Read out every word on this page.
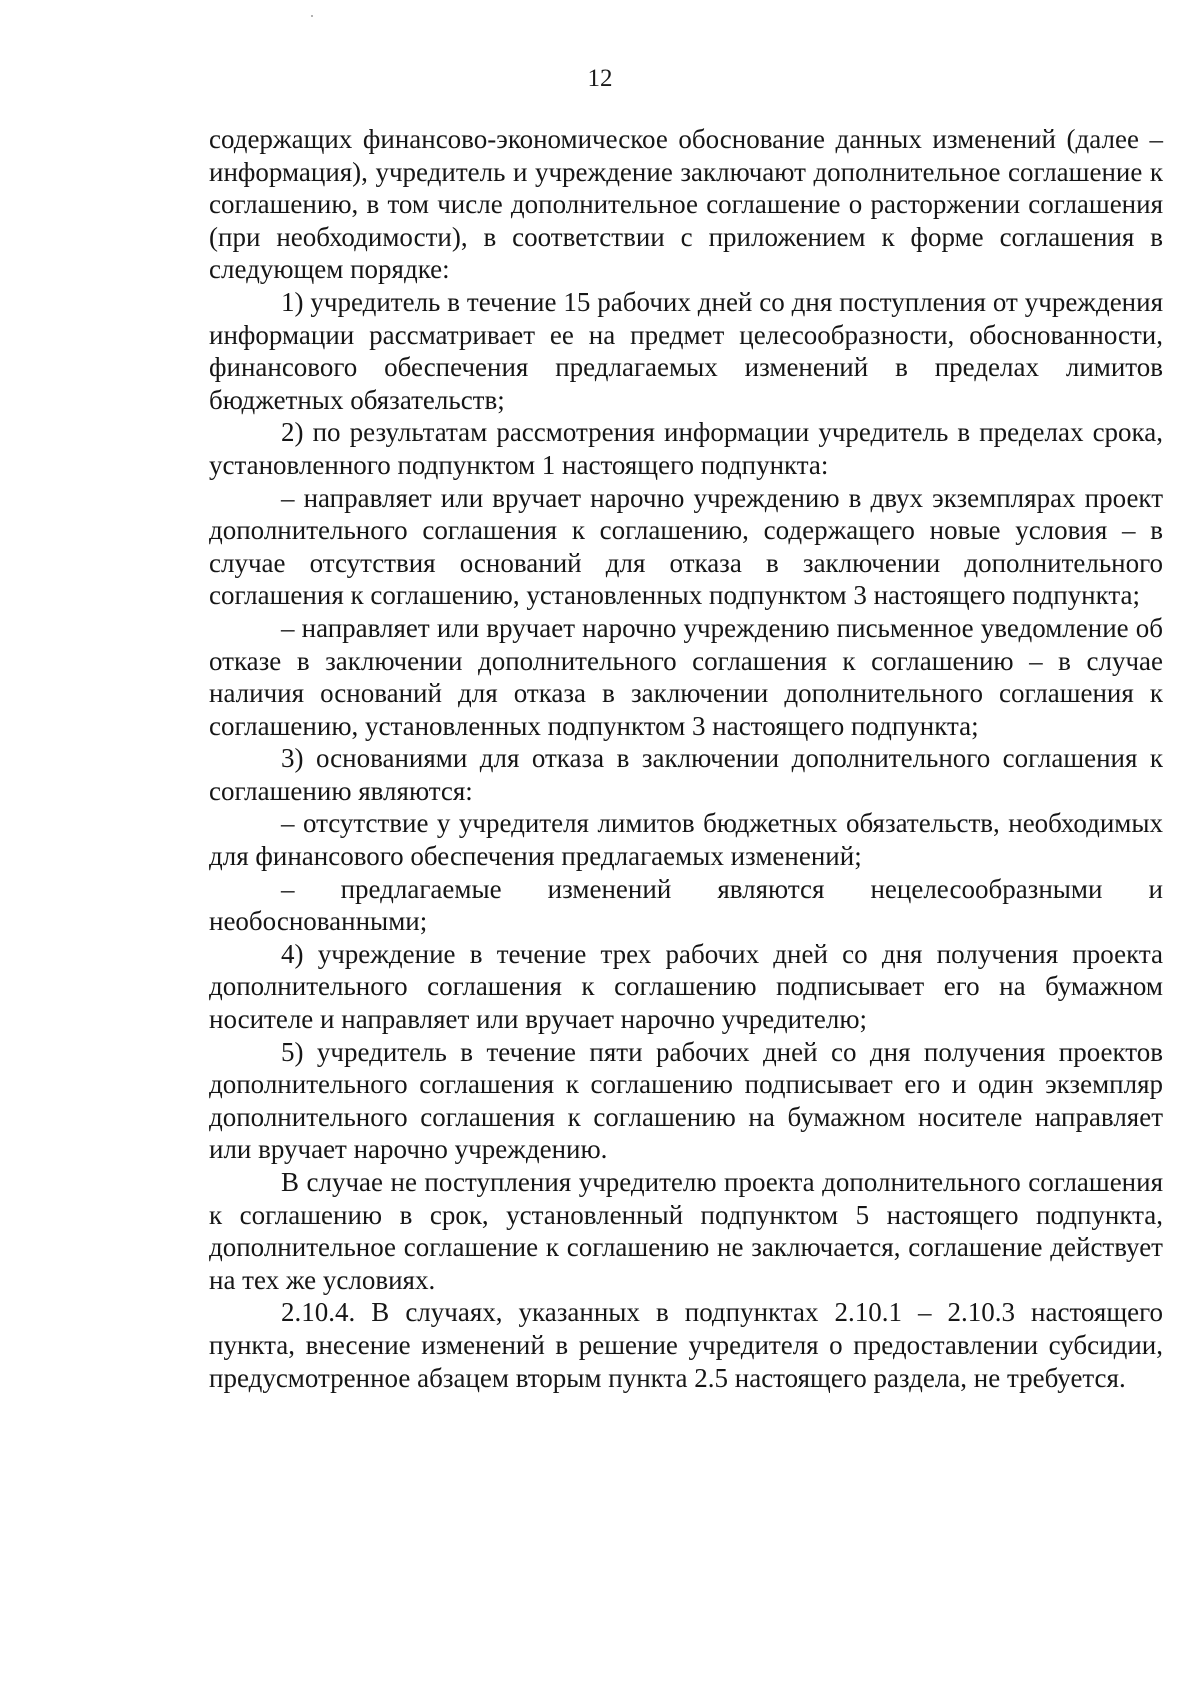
12

содержащих финансово-экономическое обоснование данных изменений (далее – информация), учредитель и учреждение заключают дополнительное соглашение к соглашению, в том числе дополнительное соглашение о расторжении соглашения (при необходимости), в соответствии с приложением к форме соглашения в следующем порядке:

1) учредитель в течение 15 рабочих дней со дня поступления от учреждения информации рассматривает ее на предмет целесообразности, обоснованности, финансового обеспечения предлагаемых изменений в пределах лимитов бюджетных обязательств;

2) по результатам рассмотрения информации учредитель в пределах срока, установленного подпунктом 1 настоящего подпункта:

– направляет или вручает нарочно учреждению в двух экземплярах проект дополнительного соглашения к соглашению, содержащего новые условия – в случае отсутствия оснований для отказа в заключении дополнительного соглашения к соглашению, установленных подпунктом 3 настоящего подпункта;

– направляет или вручает нарочно учреждению письменное уведомление об отказе в заключении дополнительного соглашения к соглашению – в случае наличия оснований для отказа в заключении дополнительного соглашения к соглашению, установленных подпунктом 3 настоящего подпункта;

3) основаниями для отказа в заключении дополнительного соглашения к соглашению являются:

– отсутствие у учредителя лимитов бюджетных обязательств, необходимых для финансового обеспечения предлагаемых изменений;

– предлагаемые изменений являются нецелесообразными и необоснованными;

4) учреждение в течение трех рабочих дней со дня получения проекта дополнительного соглашения к соглашению подписывает его на бумажном носителе и направляет или вручает нарочно учредителю;

5) учредитель в течение пяти рабочих дней со дня получения проектов дополнительного соглашения к соглашению подписывает его и один экземпляр дополнительного соглашения к соглашению на бумажном носителе направляет или вручает нарочно учреждению.

В случае не поступления учредителю проекта дополнительного соглашения к соглашению в срок, установленный подпунктом 5 настоящего подпункта, дополнительное соглашение к соглашению не заключается, соглашение действует на тех же условиях.

2.10.4. В случаях, указанных в подпунктах 2.10.1 – 2.10.3 настоящего пункта, внесение изменений в решение учредителя о предоставлении субсидии, предусмотренное абзацем вторым пункта 2.5 настоящего раздела, не требуется.
